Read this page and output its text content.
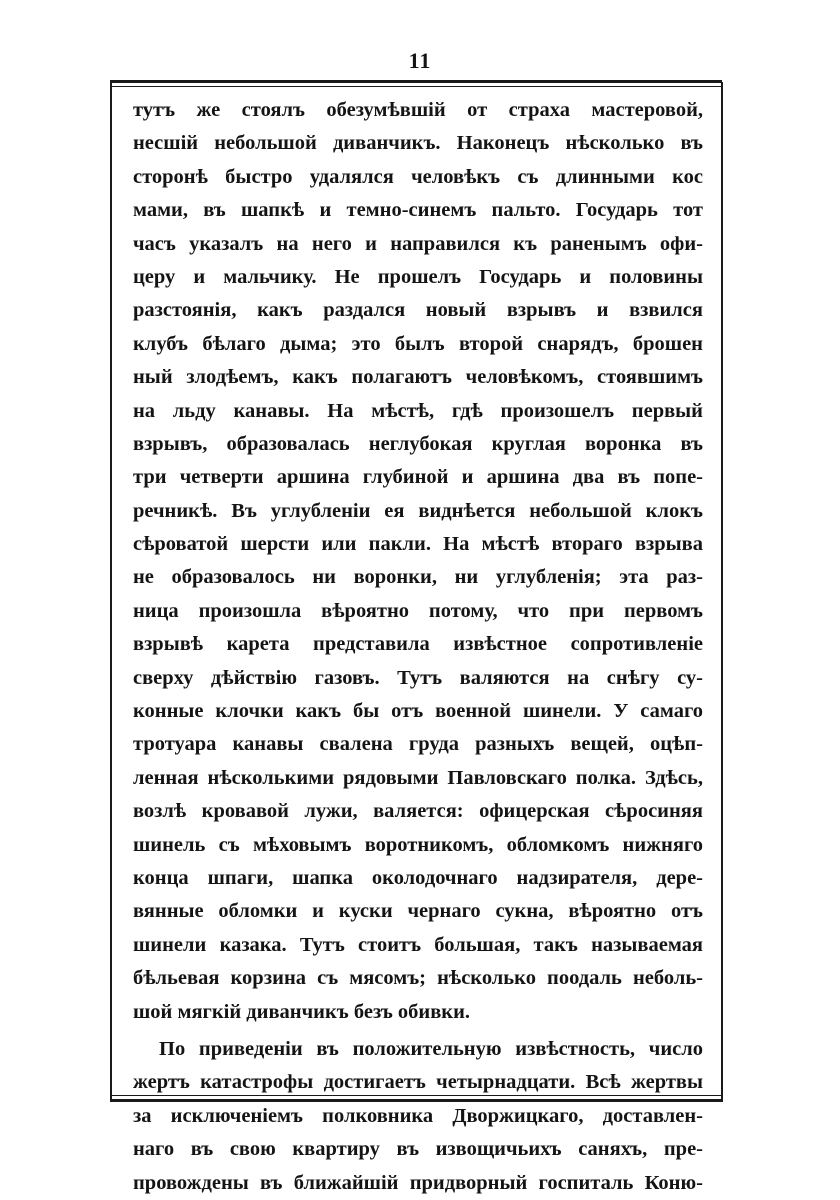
11
тутъ же стоялъ обезумѣвшій от страха мастеровой,
несшій небольшой диванчикъ. Наконецъ нѣсколько въ
сторонѣ быстро удалялся человѣкъ съ длинными кос
мами, въ шапкѣ и темно-синемъ пальто. Государь тот
часъ указалъ на него и направился къ раненымъ офи-
церу и мальчику. Не прошелъ Государь и половины
разстоянія, какъ раздался новый взрывъ и взвился
клубъ бѣлаго дыма; это былъ второй снарядъ, брошен
ный злодѣемъ, какъ полагаютъ человѣкомъ, стоявшимъ
на льду канавы. На мѣстѣ, гдѣ произошелъ первый
взрывъ, образовалась неглубокая круглая воронка въ
три четверти аршина глубиной и аршина два въ попе-
речникѣ. Въ углубленіи ея виднѣется небольшой клокъ
сѣроватой шерсти или пакли. На мѣстѣ втораго взрыва
не образовалось ни воронки, ни углубленія; эта раз-
ница произошла вѣроятно потому, что при первомъ
взрывѣ карета представила извѣстное сопротивленіе
сверху дѣйствію газовъ. Тутъ валяются на снѣгу су-
конные клочки какъ бы отъ военной шинели. У самаго
тротуара канавы свалена груда разныхъ вещей, оцѣп-
ленная нѣсколькими рядовыми Павловскаго полка. Здѣсь,
возлѣ кровавой лужи, валяется: офицерская сѣросиняя
шинель съ мѣховымъ воротникомъ, обломкомъ нижняго
конца шпаги, шапка околодочнаго надзирателя, дере-
вянные обломки и куски чернаго сукна, вѣроятно отъ
шинели казака. Тутъ стоитъ большая, такъ называемая
бѣльевая корзина съ мясомъ; нѣсколько поодаль неболь-
шой мягкій диванчикъ безъ обивки.
По приведеніи въ положительную извѣстность, число
жертъ катастрофы достигаетъ четырнадцати. Всѣ жертвы
за исключеніемъ полковника Дворжицкаго, доставлен-
наго въ свою квартиру въ извощичьихъ саняхъ, пре-
провождены въ ближайшій придворный госпиталь Коню-
